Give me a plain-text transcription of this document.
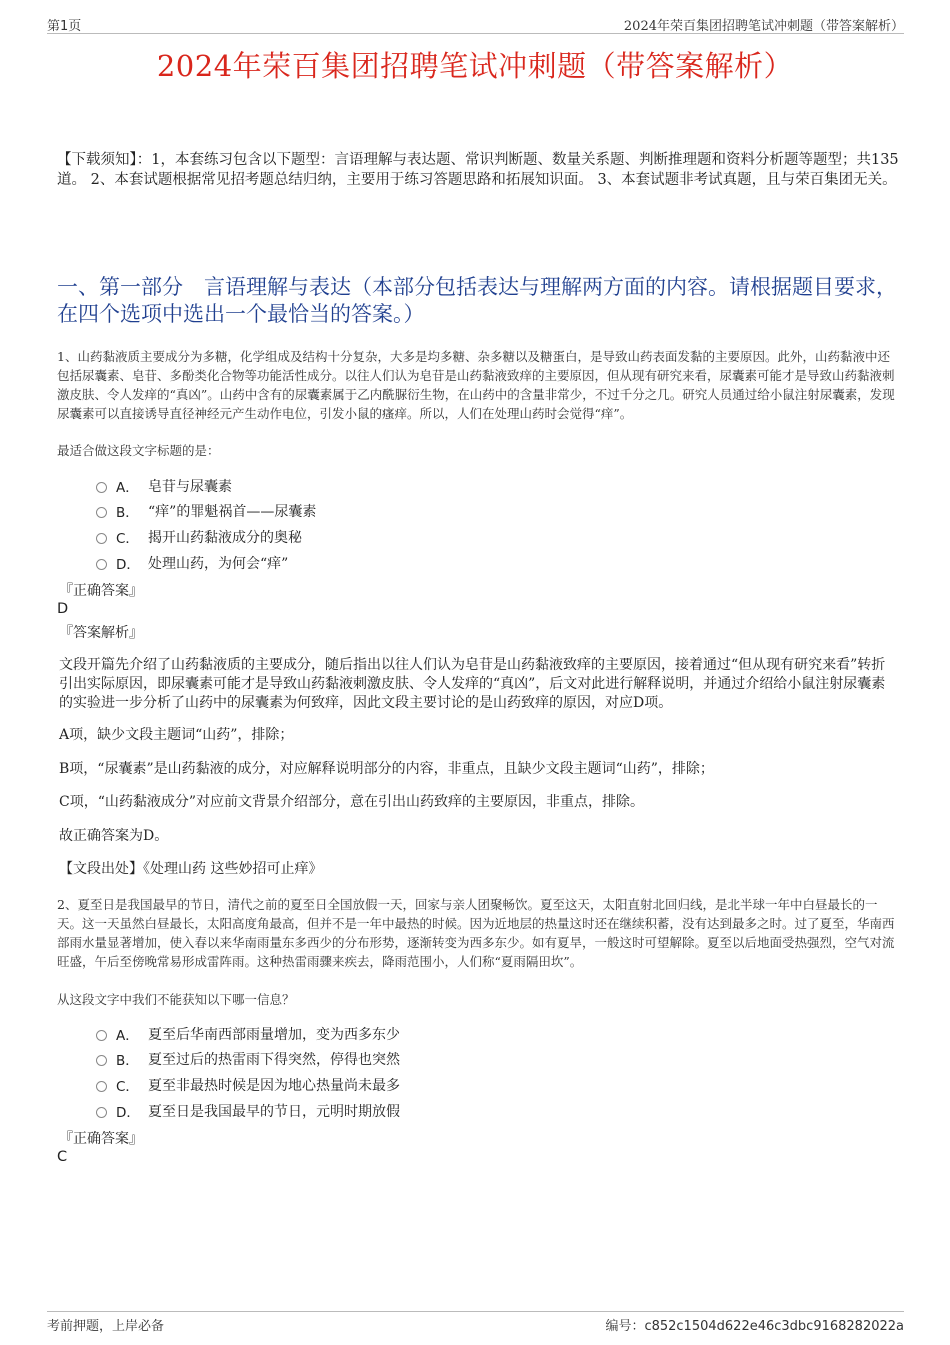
第1页	2024年荣百集团招聘笔试冲刺题（带答案解析）
2024年荣百集团招聘笔试冲刺题（带答案解析）
【下载须知】：1，本套练习包含以下题型：言语理解与表达题、常识判断题、数量关系题、判断推理题和资料分析题等题型；共135道。 2、本套试题根据常见招考题总结归纳，主要用于练习答题思路和拓展知识面。 3、本套试题非考试真题，且与荣百集团无关。
一、第一部分　言语理解与表达（本部分包括表达与理解两方面的内容。请根据题目要求，在四个选项中选出一个最恰当的答案。）
1、山药黏液质主要成分为多糖，化学组成及结构十分复杂，大多是均多糖、杂多糖以及糖蛋白，是导致山药表面发黏的主要原因。此外，山药黏液中还包括尿囊素、皂苷、多酚类化合物等功能活性成分。以往人们认为皂苷是山药黏液致痒的主要原因，但从现有研究来看，尿囊素可能才是导致山药黏液刺激皮肤、令人发痒的“真凶”。山药中含有的尿囊素属于乙内酰脲衍生物，在山药中的含量非常少，不过千分之几。研究人员通过给小鼠注射尿囊素，发现尿囊素可以直接诱导直径神经元产生动作电位，引发小鼠的瘙痒。所以，人们在处理山药时会觉得“痒”。
最适合做这段文字标题的是：
A． 皂苷与尿囊素
B． “痒”的罪魁祸首——尿囊素
C． 揭开山药黏液成分的奥秘
D． 处理山药，为何会“痒”
『正确答案』
D
『答案解析』
文段开篇先介绍了山药黏液质的主要成分，随后指出以往人们认为皂苷是山药黏液致痒的主要原因，接着通过“但从现有研究来看”转折引出实际原因，即尿囊素可能才是导致山药黏液刺激皮肤、令人发痒的“真凶”，后文对此进行解释说明，并通过介绍给小鼠注射尿囊素的实验进一步分析了山药中的尿囊素为何致痒，因此文段主要讨论的是山药致痒的原因，对应D项。
A项，缺少文段主题词“山药”，排除；
B项，“尿囊素”是山药黏液的成分，对应解释说明部分的内容，非重点，且缺少文段主题词“山药”，排除；
C项，“山药黏液成分”对应前文背景介绍部分，意在引出山药致痒的主要原因，非重点，排除。
故正确答案为D。
【文段出处】《处理山药 这些妙招可止痒》
2、夏至日是我国最早的节日，清代之前的夏至日全国放假一天，回家与亲人团聚畅饮。夏至这天，太阳直射北回归线，是北半球一年中白昼最长的一天。这一天虽然白昼最长，太阳高度角最高，但并不是一年中最热的时候。因为近地层的热量这时还在继续积蓄，没有达到最多之时。过了夏至，华南西部雨水量显著增加，使入春以来华南雨量东多西少的分布形势，逐渐转变为西多东少。如有夏旱，一般这时可望解除。夏至以后地面受热强烈，空气对流旺盛，午后至傍晚常易形成雷阵雨。这种热雷雨骤来疾去，降雨范围小，人们称“夏雨隔田坎”。
从这段文字中我们不能获知以下哪一信息？
A． 夏至后华南西部雨量增加，变为西多东少
B． 夏至过后的热雷雨下得突然，停得也突然
C． 夏至非最热时候是因为地心热量尚未最多
D． 夏至日是我国最早的节日，元明时期放假
『正确答案』
C
考前押题，上岸必备	编号：c852c1504d622e46c3dbc9168282022a
